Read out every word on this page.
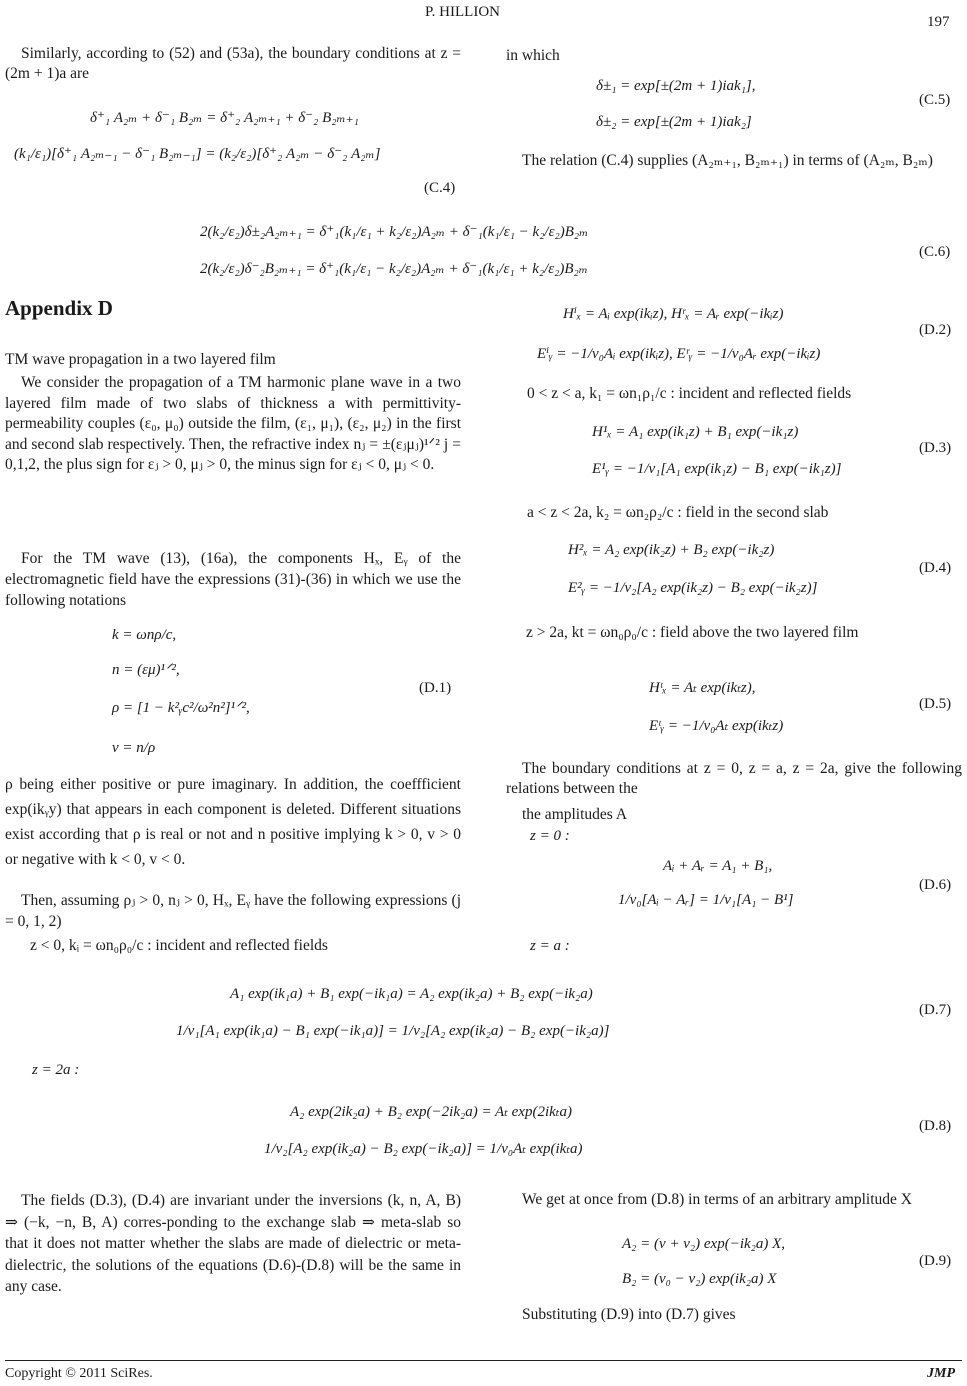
P. HILLION
197
Similarly, according to (52) and (53a), the boundary conditions at z = (2m + 1)a are
δ⁺₁ A₂ₘ + δ⁻₁ B₂ₘ = δ⁺₂ A₂ₘ₊₁ + δ⁻₂ B₂ₘ₊₁
(k₁/ε₁)[δ⁺₁ A₂ₘ₋₁ − δ⁻₁ B₂ₘ₋₁] = (k₂/ε₂)[δ⁺₂ A₂ₘ − δ⁻₂ A₂ₘ]
(C.4)
in which
δ±₁ = exp[±(2m + 1)iak₁],
δ±₂ = exp[±(2m + 1)iak₂]
(C.5)
The relation (C.4) supplies (A₂ₘ₊₁, B₂ₘ₊₁) in terms of (A₂ₘ, B₂ₘ)
2(k₂/ε₂)δ±₂A₂ₘ₊₁ = δ⁺₁(k₁/ε₁ + k₂/ε₂)A₂ₘ + δ⁻₁(k₁/ε₁ − k₂/ε₂)B₂ₘ
2(k₂/ε₂)δ⁻₂B₂ₘ₊₁ = δ⁺₁(k₁/ε₁ − k₂/ε₂)A₂ₘ + δ⁻₁(k₁/ε₁ + k₂/ε₂)B₂ₘ
(C.6)
Appendix D
TM wave propagation in a two layered film
We consider the propagation of a TM harmonic plane wave in a two layered film made of two slabs of thickness a with permittivity-permeability couples (ε₀, μ₀) outside the film, (ε₁, μ₁), (ε₂, μ₂) in the first and second slab respectively. Then, the refractive index nⱼ = ±(εⱼμⱼ)¹ᐟ² j = 0,1,2, the plus sign for εⱼ > 0, μⱼ > 0, the minus sign for εⱼ < 0, μⱼ < 0.
For the TM wave (13), (16a), the components Hₓ, Eᵧ of the electromagnetic field have the expressions (31)-(36) in which we use the following notations
k = ωnρ/c,
n = (εμ)¹ᐟ²,
ρ = [1 − k²ᵧc²/ω²n²]¹ᐟ²,
v = n/ρ
(D.1)
ρ being either positive or pure imaginary. In addition, the coeffficient exp(ikᵧy) that appears in each component is deleted. Different situations exist according that ρ is real or not and n positive implying k > 0, v > 0 or negative with k < 0, v < 0.
Then, assuming ρⱼ > 0, nⱼ > 0, Hₓ, Eᵧ have the following expressions (j = 0, 1, 2)
z < 0, kᵢ = ωn₀ρ₀/c : incident and reflected fields
Hⁱₓ = Aᵢ exp(ikᵢz), Hʳₓ = Aᵣ exp(−ikᵢz)
Eⁱᵧ = −1/v₀Aᵢ exp(ikᵢz), Eʳᵧ = −1/v₀Aᵣ exp(−ikᵢz)
(D.2)
0 < z < a, k₁ = ωn₁ρ₁/c : incident and reflected fields
H¹ₓ = A₁ exp(ik₁z) + B₁ exp(−ik₁z)
E¹ᵧ = −1/v₁[A₁ exp(ik₁z) − B₁ exp(−ik₁z)]
(D.3)
a < z < 2a, k₂ = ωn₂ρ₂/c : field in the second slab
H²ₓ = A₂ exp(ik₂z) + B₂ exp(−ik₂z)
E²ᵧ = −1/v₂[A₂ exp(ik₂z) − B₂ exp(−ik₂z)]
(D.4)
z > 2a, kt = ωn₀ρ₀/c : field above the two layered film
Hᵗₓ = Aₜ exp(ikₜz),
Eᵗᵧ = −1/v₀Aₜ exp(ikₜz)
(D.5)
The boundary conditions at z = 0, z = a, z = 2a, give the following relations between the
the amplitudes A
z = 0 :
Aᵢ + Aᵣ = A₁ + B₁,
1/v₀[Aᵢ − Aᵣ] = 1/v₁[A₁ − B¹]
(D.6)
z = a :
A₁ exp(ik₁a) + B₁ exp(−ik₁a) = A₂ exp(ik₂a) + B₂ exp(−ik₂a)
1/v₁[A₁ exp(ik₁a) − B₁ exp(−ik₁a)] = 1/v₂[A₂ exp(ik₂a) − B₂ exp(−ik₂a)]
(D.7)
z = 2a :
A₂ exp(2ik₂a) + B₂ exp(−2ik₂a) = Aₜ exp(2ikₜa)
1/v₂[A₂ exp(ik₂a) − B₂ exp(−ik₂a)] = 1/v₀Aₜ exp(ikₜa)
(D.8)
The fields (D.3), (D.4) are invariant under the inversions (k, n, A, B) ⇒ (−k, −n, B, A) corres-ponding to the exchange slab ⇒ meta-slab so that it does not matter whether the slabs are made of dielectric or meta-dielectric, the solutions of the equations (D.6)-(D.8) will be the same in any case.
We get at once from (D.8) in terms of an arbitrary amplitude X
A₂ = (v + v₂) exp(−ik₂a) X,
B₂ = (v₀ − v₂) exp(ik₂a) X
(D.9)
Substituting (D.9) into (D.7) gives
Copyright © 2011 SciRes.	JMP
